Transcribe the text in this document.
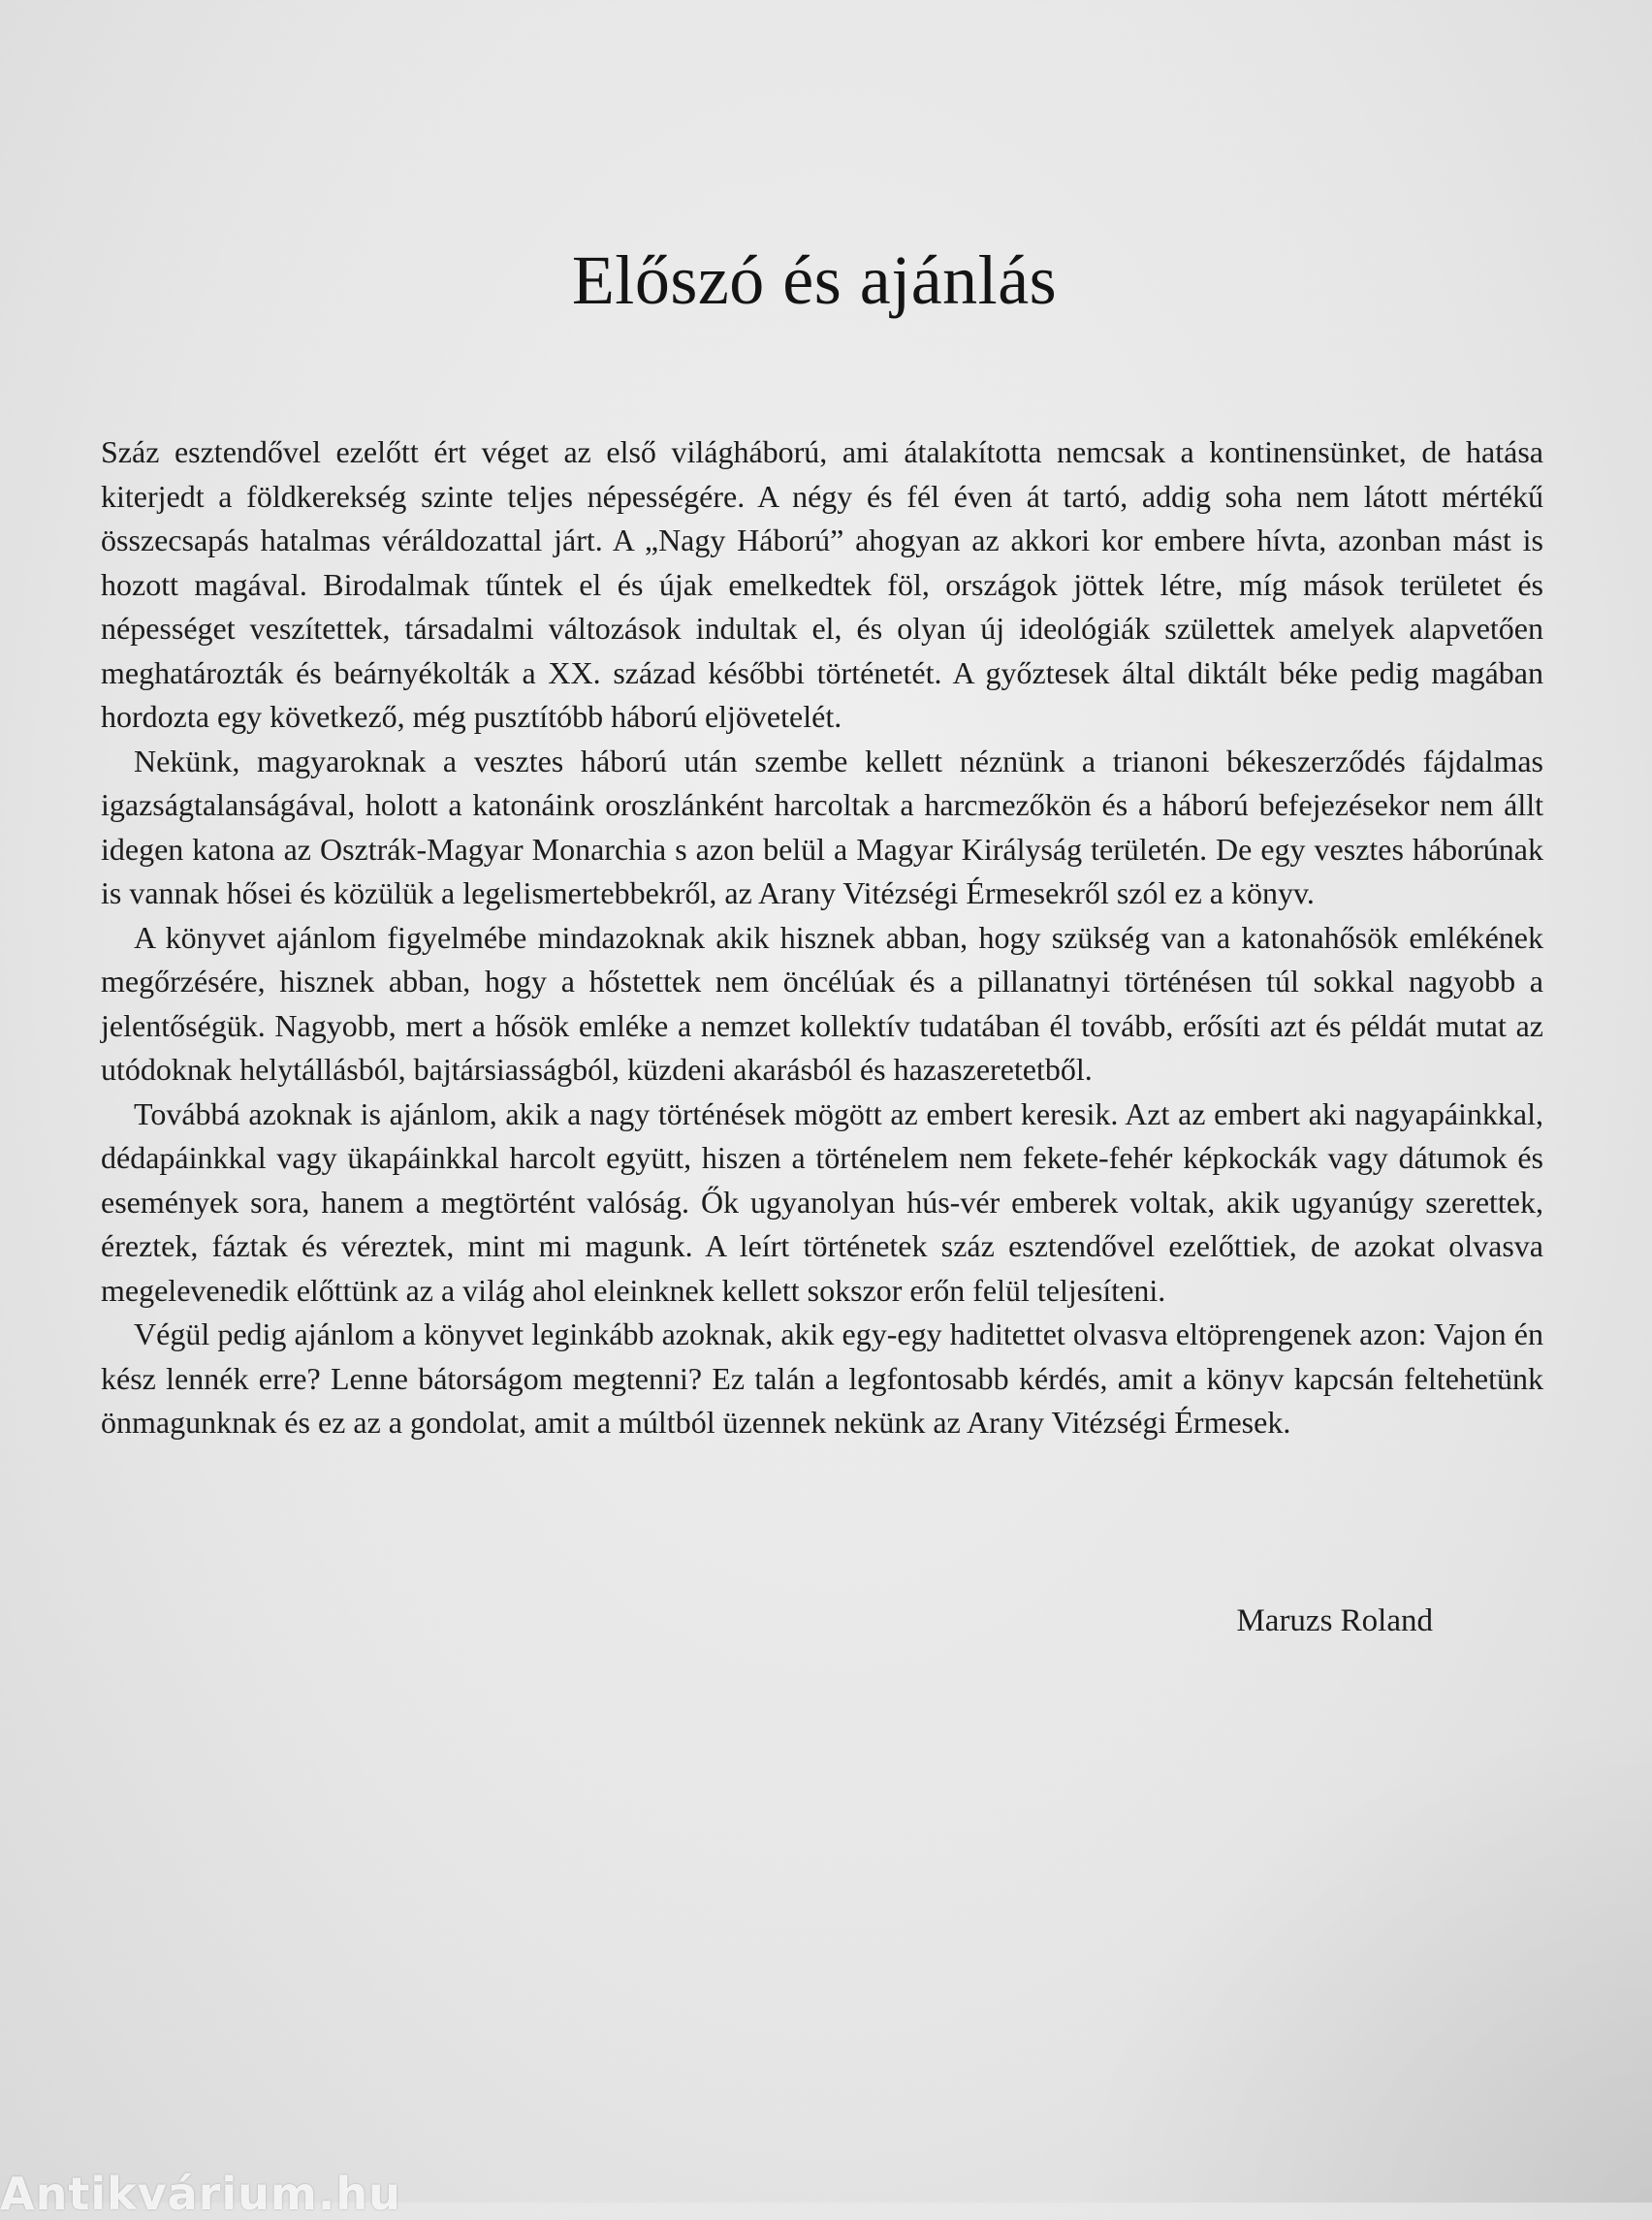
Előszó és ajánlás

Száz esztendővel ezelőtt ért véget az első világháború, ami átalakította nemcsak a kontinensünket, de hatása kiterjedt a földkerekség szinte teljes népességére. A négy és fél éven át tartó, addig soha nem látott mértékű összecsapás hatalmas véráldozattal járt. A „Nagy Háború” ahogyan az akkori kor embere hívta, azonban mást is hozott magával. Birodalmak tűntek el és újak emelkedtek föl, országok jöttek létre, míg mások területet és népességet veszítettek, társadalmi változások indultak el, és olyan új ideológiák születtek amelyek alapvetően meghatározták és beárnyékolták a XX. század későbbi történetét. A győztesek által diktált béke pedig magában hordozta egy következő, még pusztítóbb háború eljövetelét.

Nekünk, magyaroknak a vesztes háború után szembe kellett néznünk a trianoni békeszerződés fájdalmas igazságtalanságával, holott a katonáink oroszlánként harcoltak a harcmezőkön és a háború befejezésekor nem állt idegen katona az Osztrák-Magyar Monarchia s azon belül a Magyar Királyság területén. De egy vesztes háborúnak is vannak hősei és közülük a legelismertebbekről, az Arany Vitézségi Érmesekről szól ez a könyv.

A könyvet ajánlom figyelmébe mindazoknak akik hisznek abban, hogy szükség van a katonahősök emlékének megőrzésére, hisznek abban, hogy a hőstettek nem öncélúak és a pillanatnyi történésen túl sokkal nagyobb a jelentőségük. Nagyobb, mert a hősök emléke a nemzet kollektív tudatában él tovább, erősíti azt és példát mutat az utódoknak helytállásból, bajtársiasságból, küzdeni akarásból és hazaszeretetből.

Továbbá azoknak is ajánlom, akik a nagy történések mögött az embert keresik. Azt az embert aki nagyapáinkkal, dédapáinkkal vagy ükapáinkkal harcolt együtt, hiszen a történelem nem fekete-fehér képkockák vagy dátumok és események sora, hanem a megtörtént valóság. Ők ugyanolyan hús-vér emberek voltak, akik ugyanúgy szerettek, éreztek, fáztak és véreztek, mint mi magunk. A leírt történetek száz esztendővel ezelőttiek, de azokat olvasva megelevenedik előttünk az a világ ahol eleinknek kellett sokszor erőn felül teljesíteni.

Végül pedig ajánlom a könyvet leginkább azoknak, akik egy-egy haditettet olvasva eltöprengenek azon: Vajon én kész lennék erre? Lenne bátorságom megtenni? Ez talán a legfontosabb kérdés, amit a könyv kapcsán feltehetünk önmagunknak és ez az a gondolat, amit a múltból üzennek nekünk az Arany Vitézségi Érmesek.

Maruzs Roland
Antikvárium.hu
